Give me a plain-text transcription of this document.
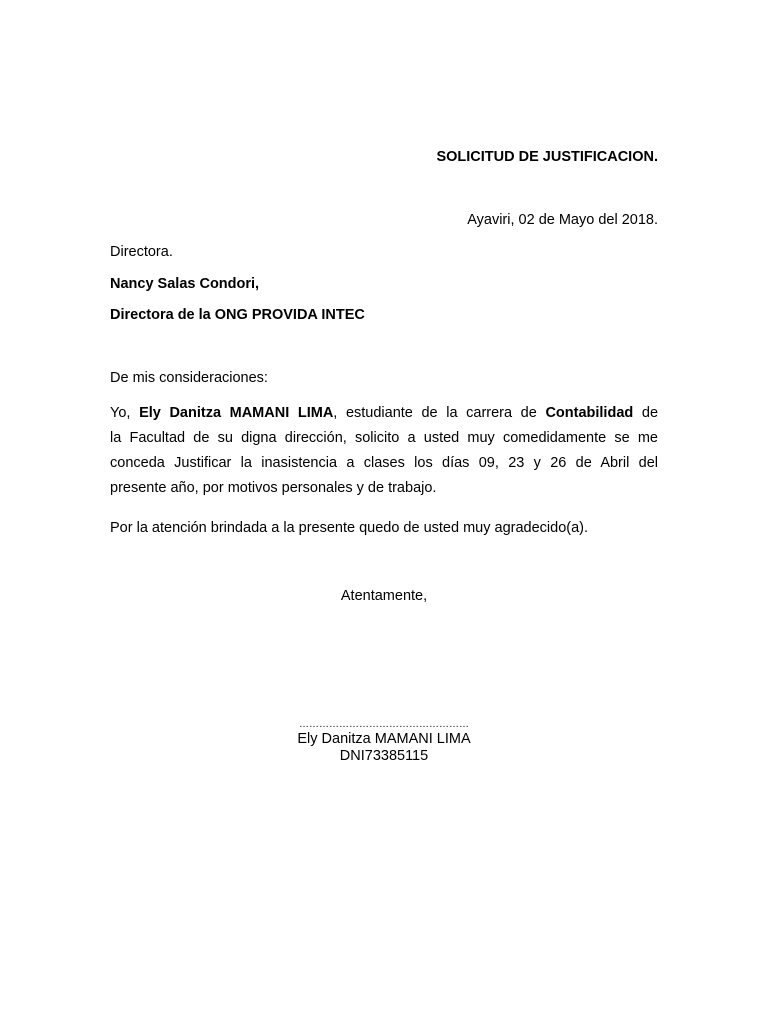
SOLICITUD DE JUSTIFICACION.
Ayaviri, 02 de Mayo del 2018.
Directora.
Nancy Salas Condori,
Directora de la ONG PROVIDA INTEC
De mis consideraciones:
Yo, Ely Danitza MAMANI LIMA, estudiante de la carrera de Contabilidad de
la Facultad de su digna dirección, solicito a usted muy comedidamente se me
conceda Justificar la inasistencia a clases los días 09, 23 y 26 de Abril del
presente año, por motivos personales y de trabajo.
Por la atención brindada a la presente quedo de usted muy agradecido(a).
Atentamente,
……………………………………………
Ely Danitza MAMANI LIMA
DNI73385115
